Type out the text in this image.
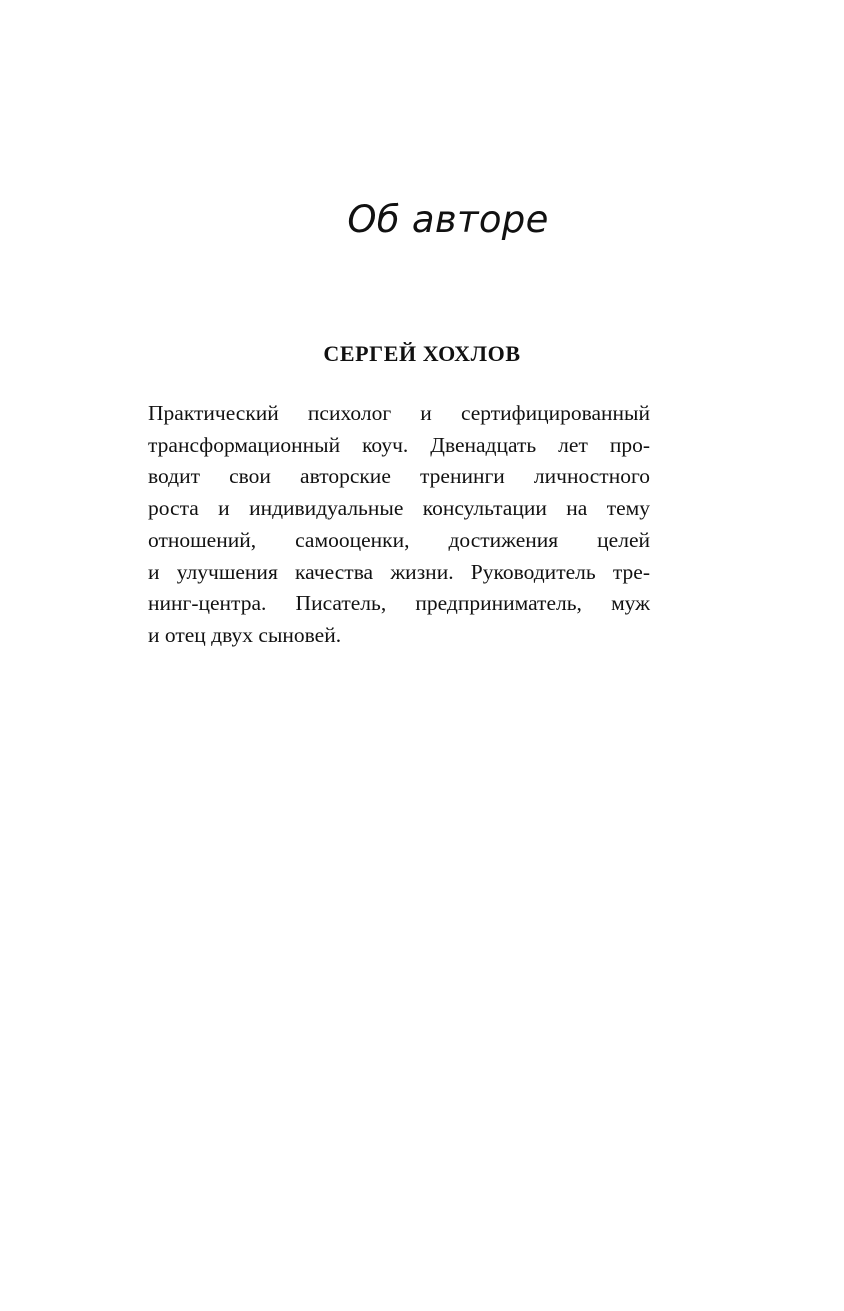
Об авторе
СЕРГЕЙ ХОХЛОВ

Практический психолог и сертифицированный
трансформационный коуч. Двенадцать лет про-
водит свои авторские тренинги личностного
роста и индивидуальные консультации на тему
отношений, самооценки, достижения целей
и улучшения качества жизни. Руководитель тре-
нинг-центра. Писатель, предприниматель, муж
и отец двух сыновей.
